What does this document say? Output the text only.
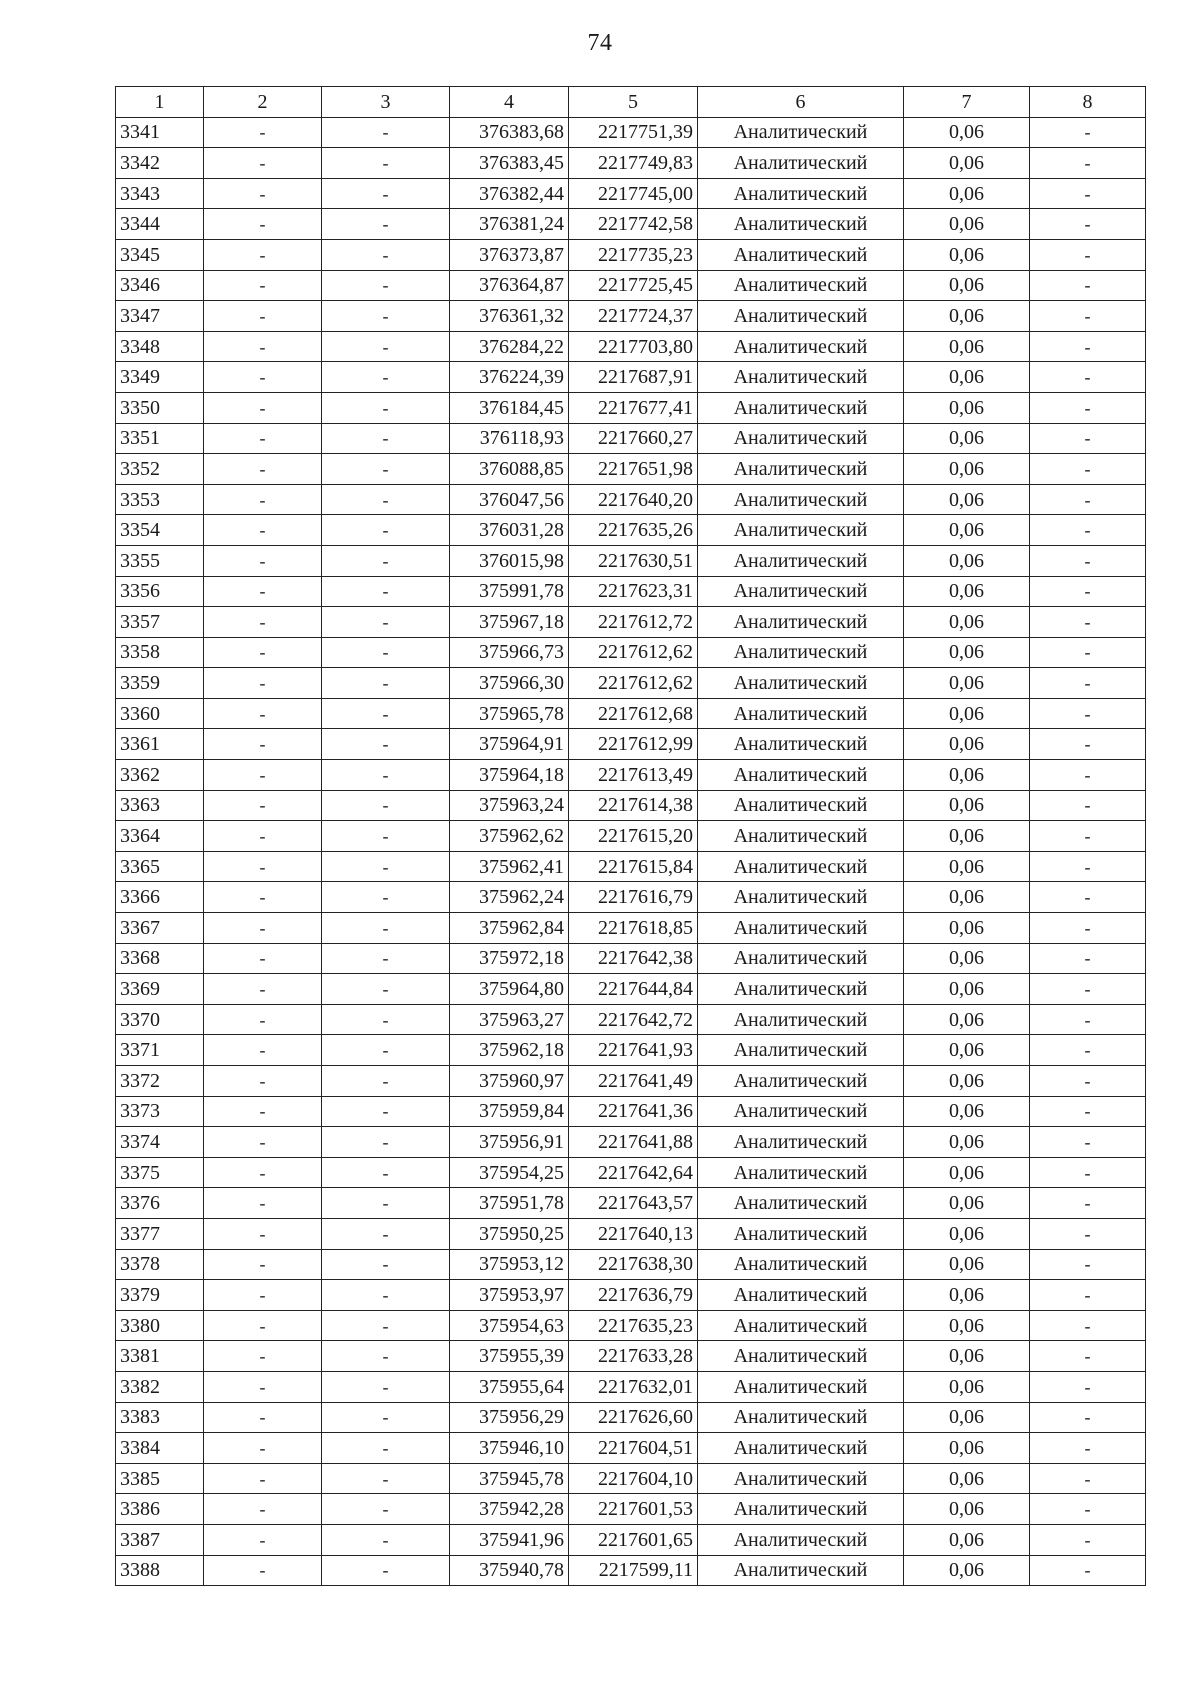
74
1	2	3	4	5	6	7	8
3341	-	-	376383,68	2217751,39	Аналитический	0,06	-
3342	-	-	376383,45	2217749,83	Аналитический	0,06	-
3343	-	-	376382,44	2217745,00	Аналитический	0,06	-
3344	-	-	376381,24	2217742,58	Аналитический	0,06	-
3345	-	-	376373,87	2217735,23	Аналитический	0,06	-
3346	-	-	376364,87	2217725,45	Аналитический	0,06	-
3347	-	-	376361,32	2217724,37	Аналитический	0,06	-
3348	-	-	376284,22	2217703,80	Аналитический	0,06	-
3349	-	-	376224,39	2217687,91	Аналитический	0,06	-
3350	-	-	376184,45	2217677,41	Аналитический	0,06	-
3351	-	-	376118,93	2217660,27	Аналитический	0,06	-
3352	-	-	376088,85	2217651,98	Аналитический	0,06	-
3353	-	-	376047,56	2217640,20	Аналитический	0,06	-
3354	-	-	376031,28	2217635,26	Аналитический	0,06	-
3355	-	-	376015,98	2217630,51	Аналитический	0,06	-
3356	-	-	375991,78	2217623,31	Аналитический	0,06	-
3357	-	-	375967,18	2217612,72	Аналитический	0,06	-
3358	-	-	375966,73	2217612,62	Аналитический	0,06	-
3359	-	-	375966,30	2217612,62	Аналитический	0,06	-
3360	-	-	375965,78	2217612,68	Аналитический	0,06	-
3361	-	-	375964,91	2217612,99	Аналитический	0,06	-
3362	-	-	375964,18	2217613,49	Аналитический	0,06	-
3363	-	-	375963,24	2217614,38	Аналитический	0,06	-
3364	-	-	375962,62	2217615,20	Аналитический	0,06	-
3365	-	-	375962,41	2217615,84	Аналитический	0,06	-
3366	-	-	375962,24	2217616,79	Аналитический	0,06	-
3367	-	-	375962,84	2217618,85	Аналитический	0,06	-
3368	-	-	375972,18	2217642,38	Аналитический	0,06	-
3369	-	-	375964,80	2217644,84	Аналитический	0,06	-
3370	-	-	375963,27	2217642,72	Аналитический	0,06	-
3371	-	-	375962,18	2217641,93	Аналитический	0,06	-
3372	-	-	375960,97	2217641,49	Аналитический	0,06	-
3373	-	-	375959,84	2217641,36	Аналитический	0,06	-
3374	-	-	375956,91	2217641,88	Аналитический	0,06	-
3375	-	-	375954,25	2217642,64	Аналитический	0,06	-
3376	-	-	375951,78	2217643,57	Аналитический	0,06	-
3377	-	-	375950,25	2217640,13	Аналитический	0,06	-
3378	-	-	375953,12	2217638,30	Аналитический	0,06	-
3379	-	-	375953,97	2217636,79	Аналитический	0,06	-
3380	-	-	375954,63	2217635,23	Аналитический	0,06	-
3381	-	-	375955,39	2217633,28	Аналитический	0,06	-
3382	-	-	375955,64	2217632,01	Аналитический	0,06	-
3383	-	-	375956,29	2217626,60	Аналитический	0,06	-
3384	-	-	375946,10	2217604,51	Аналитический	0,06	-
3385	-	-	375945,78	2217604,10	Аналитический	0,06	-
3386	-	-	375942,28	2217601,53	Аналитический	0,06	-
3387	-	-	375941,96	2217601,65	Аналитический	0,06	-
3388	-	-	375940,78	2217599,11	Аналитический	0,06	-
